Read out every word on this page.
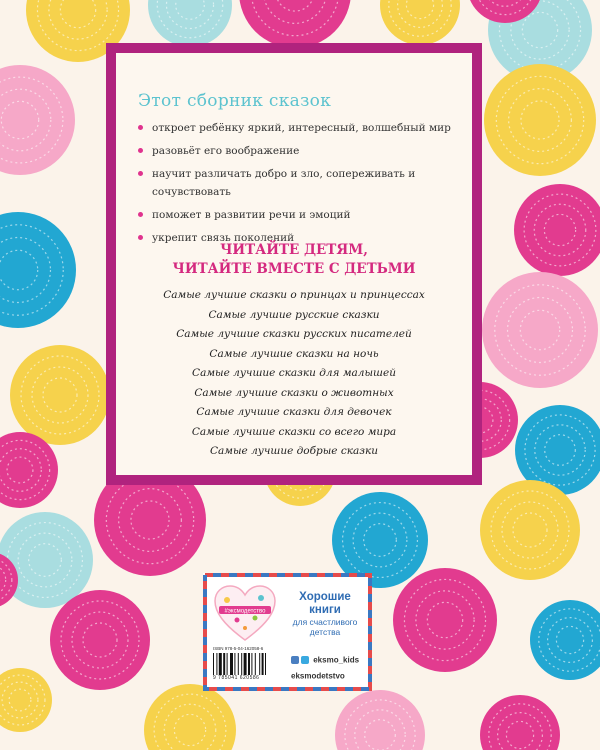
Этот сборник сказок
откроет ребёнку яркий, интересный, волшебный мир
разовьёт его воображение
научит различать добро и зло, сопереживать и сочувствовать
поможет в развитии речи и эмоций
укрепит связь поколений
ЧИТАЙТЕ ДЕТЯМ,
ЧИТАЙТЕ ВМЕСТЕ С ДЕТЬМИ
Самые лучшие сказки о принцах и принцессах
Самые лучшие русские сказки
Самые лучшие сказки русских писателей
Самые лучшие сказки на ночь
Самые лучшие сказки для малышей
Самые лучшие сказки о животных
Самые лучшие сказки для девочек
Самые лучшие сказки со всего мира
Самые лучшие добрые сказки
#эксмодетство
Хорошие
книги
для счастливого
детства
ISBN 978-5-04-162058-6
9 785041 620586
eksmo_kids
eksmodetstvo
